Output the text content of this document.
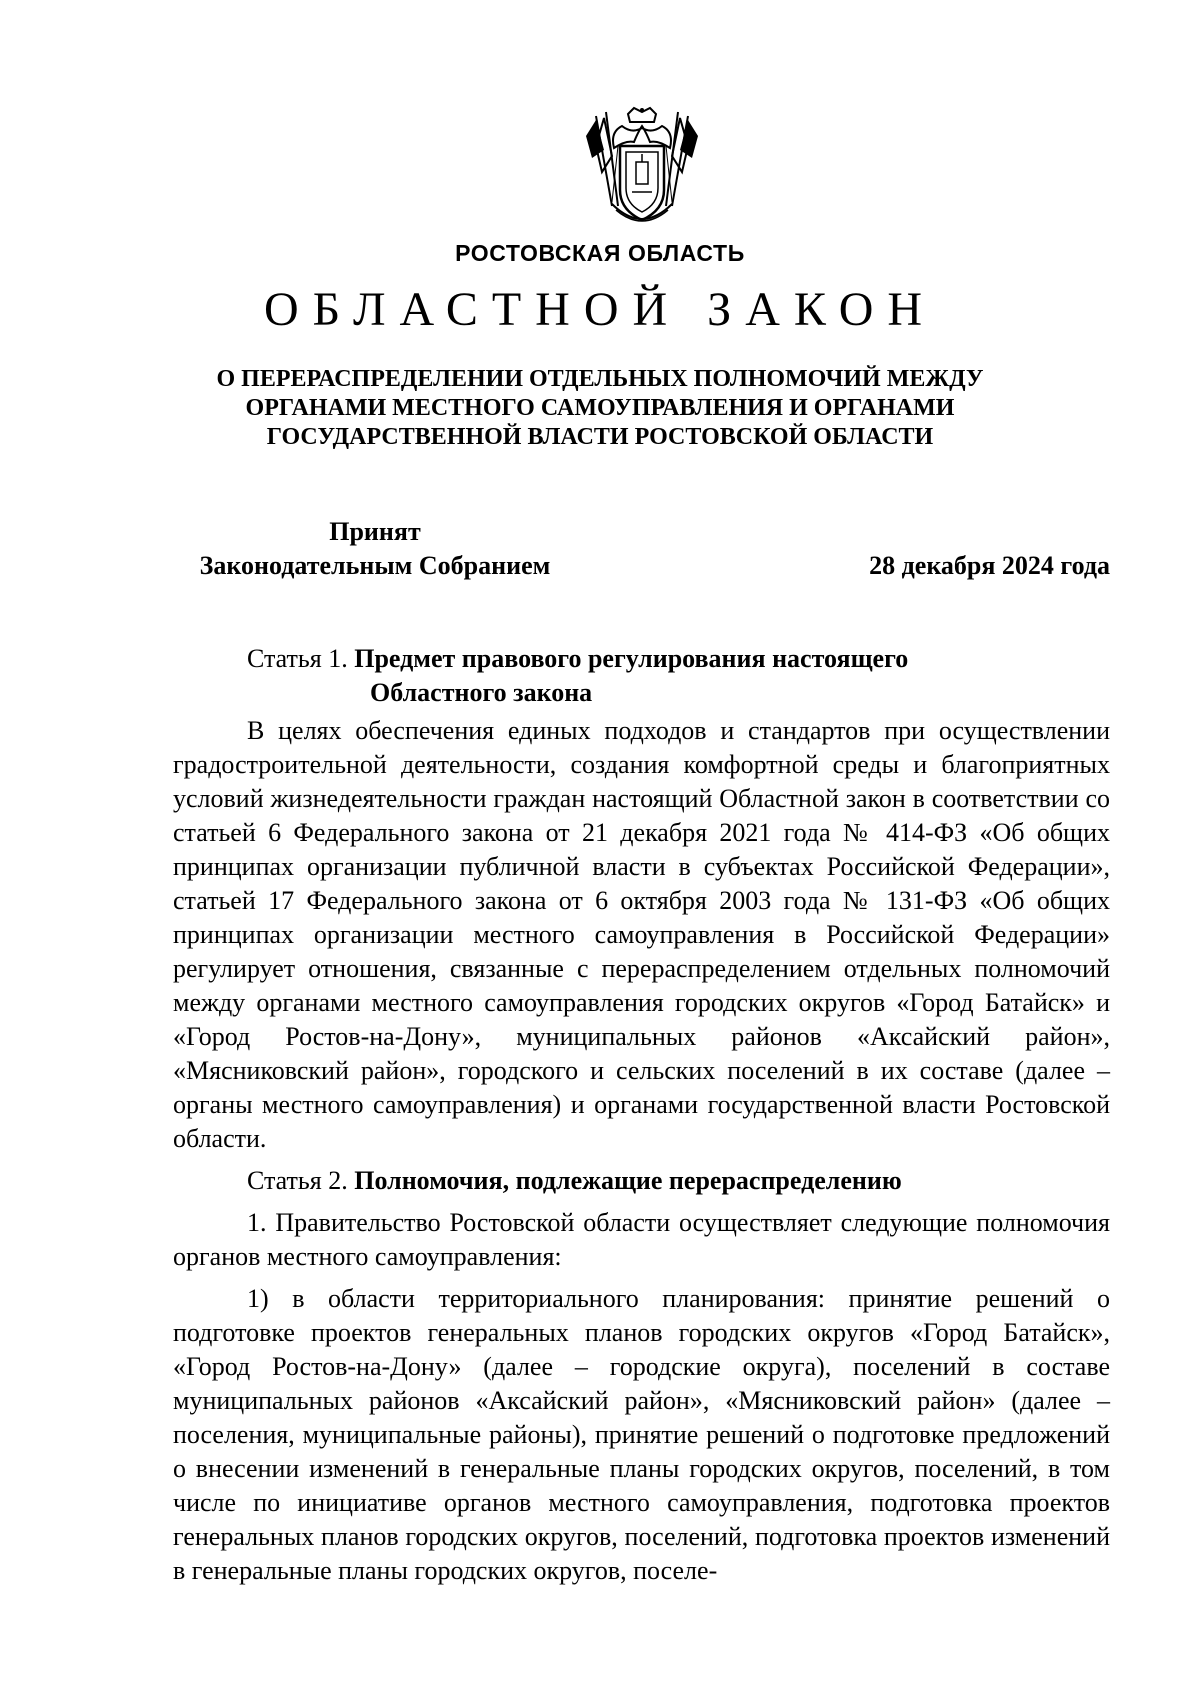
РОСТОВСКАЯ ОБЛАСТЬ
ОБЛАСТНОЙ ЗАКОН
О ПЕРЕРАСПРЕДЕЛЕНИИ ОТДЕЛЬНЫХ ПОЛНОМОЧИЙ МЕЖДУ
ОРГАНАМИ МЕСТНОГО САМОУПРАВЛЕНИЯ И ОРГАНАМИ
ГОСУДАРСТВЕННОЙ ВЛАСТИ РОСТОВСКОЙ ОБЛАСТИ
Принят
Законодательным Собранием	28 декабря 2024 года
Статья 1. Предмет правового регулирования настоящего
Областного закона

В целях обеспечения единых подходов и стандартов при осуществлении градостроительной деятельности, создания комфортной среды и благоприятных условий жизнедеятельности граждан настоящий Областной закон в соответствии со статьей 6 Федерального закона от 21 декабря 2021 года № 414-ФЗ «Об общих принципах организации публичной власти в субъектах Российской Федерации», статьей 17 Федерального закона от 6 октября 2003 года № 131-ФЗ «Об общих принципах организации местного самоуправления в Российской Федерации» регулирует отношения, связанные с перераспределением отдельных полномочий между органами местного самоуправления городских округов «Город Батайск» и «Город Ростов-на-Дону», муниципальных районов «Аксайский район», «Мясниковский район», городского и сельских поселений в их составе (далее – органы местного самоуправления) и органами государственной власти Ростовской области.

Статья 2. Полномочия, подлежащие перераспределению

1. Правительство Ростовской области осуществляет следующие полномочия органов местного самоуправления:

1) в области территориального планирования: принятие решений о подготовке проектов генеральных планов городских округов «Город Батайск», «Город Ростов-на-Дону» (далее – городские округа), поселений в составе муниципальных районов «Аксайский район», «Мясниковский район» (далее – поселения, муниципальные районы), принятие решений о подготовке предложений о внесении изменений в генеральные планы городских округов, поселений, в том числе по инициативе органов местного самоуправления, подготовка проектов генеральных планов городских округов, поселений, подготовка проектов изменений в генеральные планы городских округов, поселе-
